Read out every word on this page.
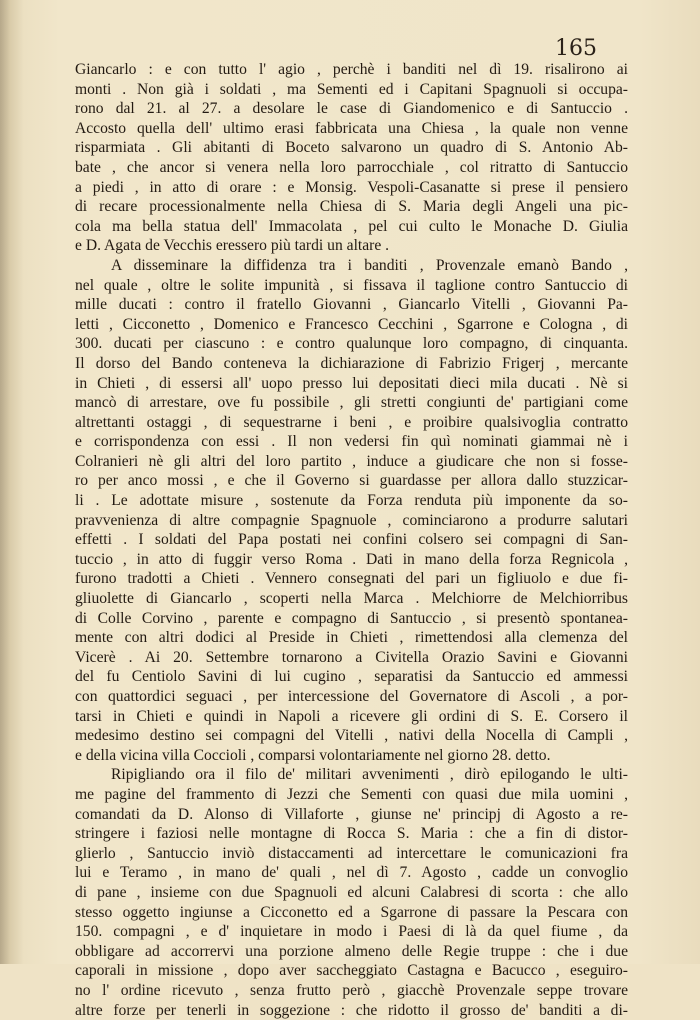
165
Giancarlo : e con tutto l' agio , perchè i banditi nel dì 19. risalirono ai
monti . Non già i soldati , ma Sementi ed i Capitani Spagnuoli si occupa-
rono dal 21. al 27. a desolare le case di Giandomenico e di Santuccio .
Accosto quella dell' ultimo erasi fabbricata una Chiesa , la quale non venne
risparmiata . Gli abitanti di Boceto salvarono un quadro di S. Antonio Ab-
bate , che ancor si venera nella loro parrocchiale , col ritratto di Santuccio
a piedi , in atto di orare : e Monsig. Vespoli-Casanatte si prese il pensiero
di recare processionalmente nella Chiesa di S. Maria degli Angeli una pic-
cola ma bella statua dell' Immacolata , pel cui culto le Monache D. Giulia
e D. Agata de Vecchis eressero più tardi un altare .
A disseminare la diffidenza tra i banditi , Provenzale emanò Bando ,
nel quale , oltre le solite impunità , si fissava il taglione contro Santuccio di
mille ducati : contro il fratello Giovanni , Giancarlo Vitelli , Giovanni Pa-
letti , Cicconetto , Domenico e Francesco Cecchini , Sgarrone e Cologna , di
300. ducati per ciascuno : e contro qualunque loro compagno, di cinquanta.
Il dorso del Bando conteneva la dichiarazione di Fabrizio Frigerj , mercante
in Chieti , di essersi all' uopo presso lui depositati dieci mila ducati . Nè si
mancò di arrestare, ove fu possibile , gli stretti congiunti de' partigiani come
altrettanti ostaggi , di sequestrarne i beni , e proibire qualsivoglia contratto
e corrispondenza con essi . Il non vedersi fin quì nominati giammai nè i
Colranieri nè gli altri del loro partito , induce a giudicare che non si fosse-
ro per anco mossi , e che il Governo si guardasse per allora dallo stuzzicar-
li . Le adottate misure , sostenute da Forza renduta più imponente da so-
pravvenienza di altre compagnie Spagnuole , cominciarono a produrre salutari
effetti . I soldati del Papa postati nei confini colsero sei compagni di San-
tuccio , in atto di fuggir verso Roma . Dati in mano della forza Regnicola ,
furono tradotti a Chieti . Vennero consegnati del pari un figliuolo e due fi-
gliuolette di Giancarlo , scoperti nella Marca . Melchiorre de Melchiorribus
di Colle Corvino , parente e compagno di Santuccio , si presentò spontanea-
mente con altri dodici al Preside in Chieti , rimettendosi alla clemenza del
Vicerè . Ai 20. Settembre tornarono a Civitella Orazio Savini e Giovanni
del fu Centiolo Savini di lui cugino , separatisi da Santuccio ed ammessi
con quattordici seguaci , per intercessione del Governatore di Ascoli , a por-
tarsi in Chieti e quindi in Napoli a ricevere gli ordini di S. E. Corsero il
medesimo destino sei compagni del Vitelli , nativi della Nocella di Campli ,
e della vicina villa Coccioli , comparsi volontariamente nel giorno 28. detto.
Ripigliando ora il filo de' militari avvenimenti , dirò epilogando le ulti-
me pagine del frammento di Jezzi che Sementi con quasi due mila uomini ,
comandati da D. Alonso di Villaforte , giunse ne' principj di Agosto a re-
stringere i faziosi nelle montagne di Rocca S. Maria : che a fin di distor-
glierlo , Santuccio inviò distaccamenti ad intercettare le comunicazioni fra
lui e Teramo , in mano de' quali , nel dì 7. Agosto , cadde un convoglio
di pane , insieme con due Spagnuoli ed alcuni Calabresi di scorta : che allo
stesso oggetto ingiunse a Cicconetto ed a Sgarrone di passare la Pescara con
150. compagni , e d' inquietare in modo i Paesi di là da quel fiume , da
obbligare ad accorrervi una porzione almeno delle Regie truppe : che i due
caporali in missione , dopo aver saccheggiato Castagna e Bacucco , eseguiro-
no l' ordine ricevuto , senza frutto però , giacchè Provenzale seppe trovare
altre forze per tenerli in soggezione : che ridotto il grosso de' banditi a di-
